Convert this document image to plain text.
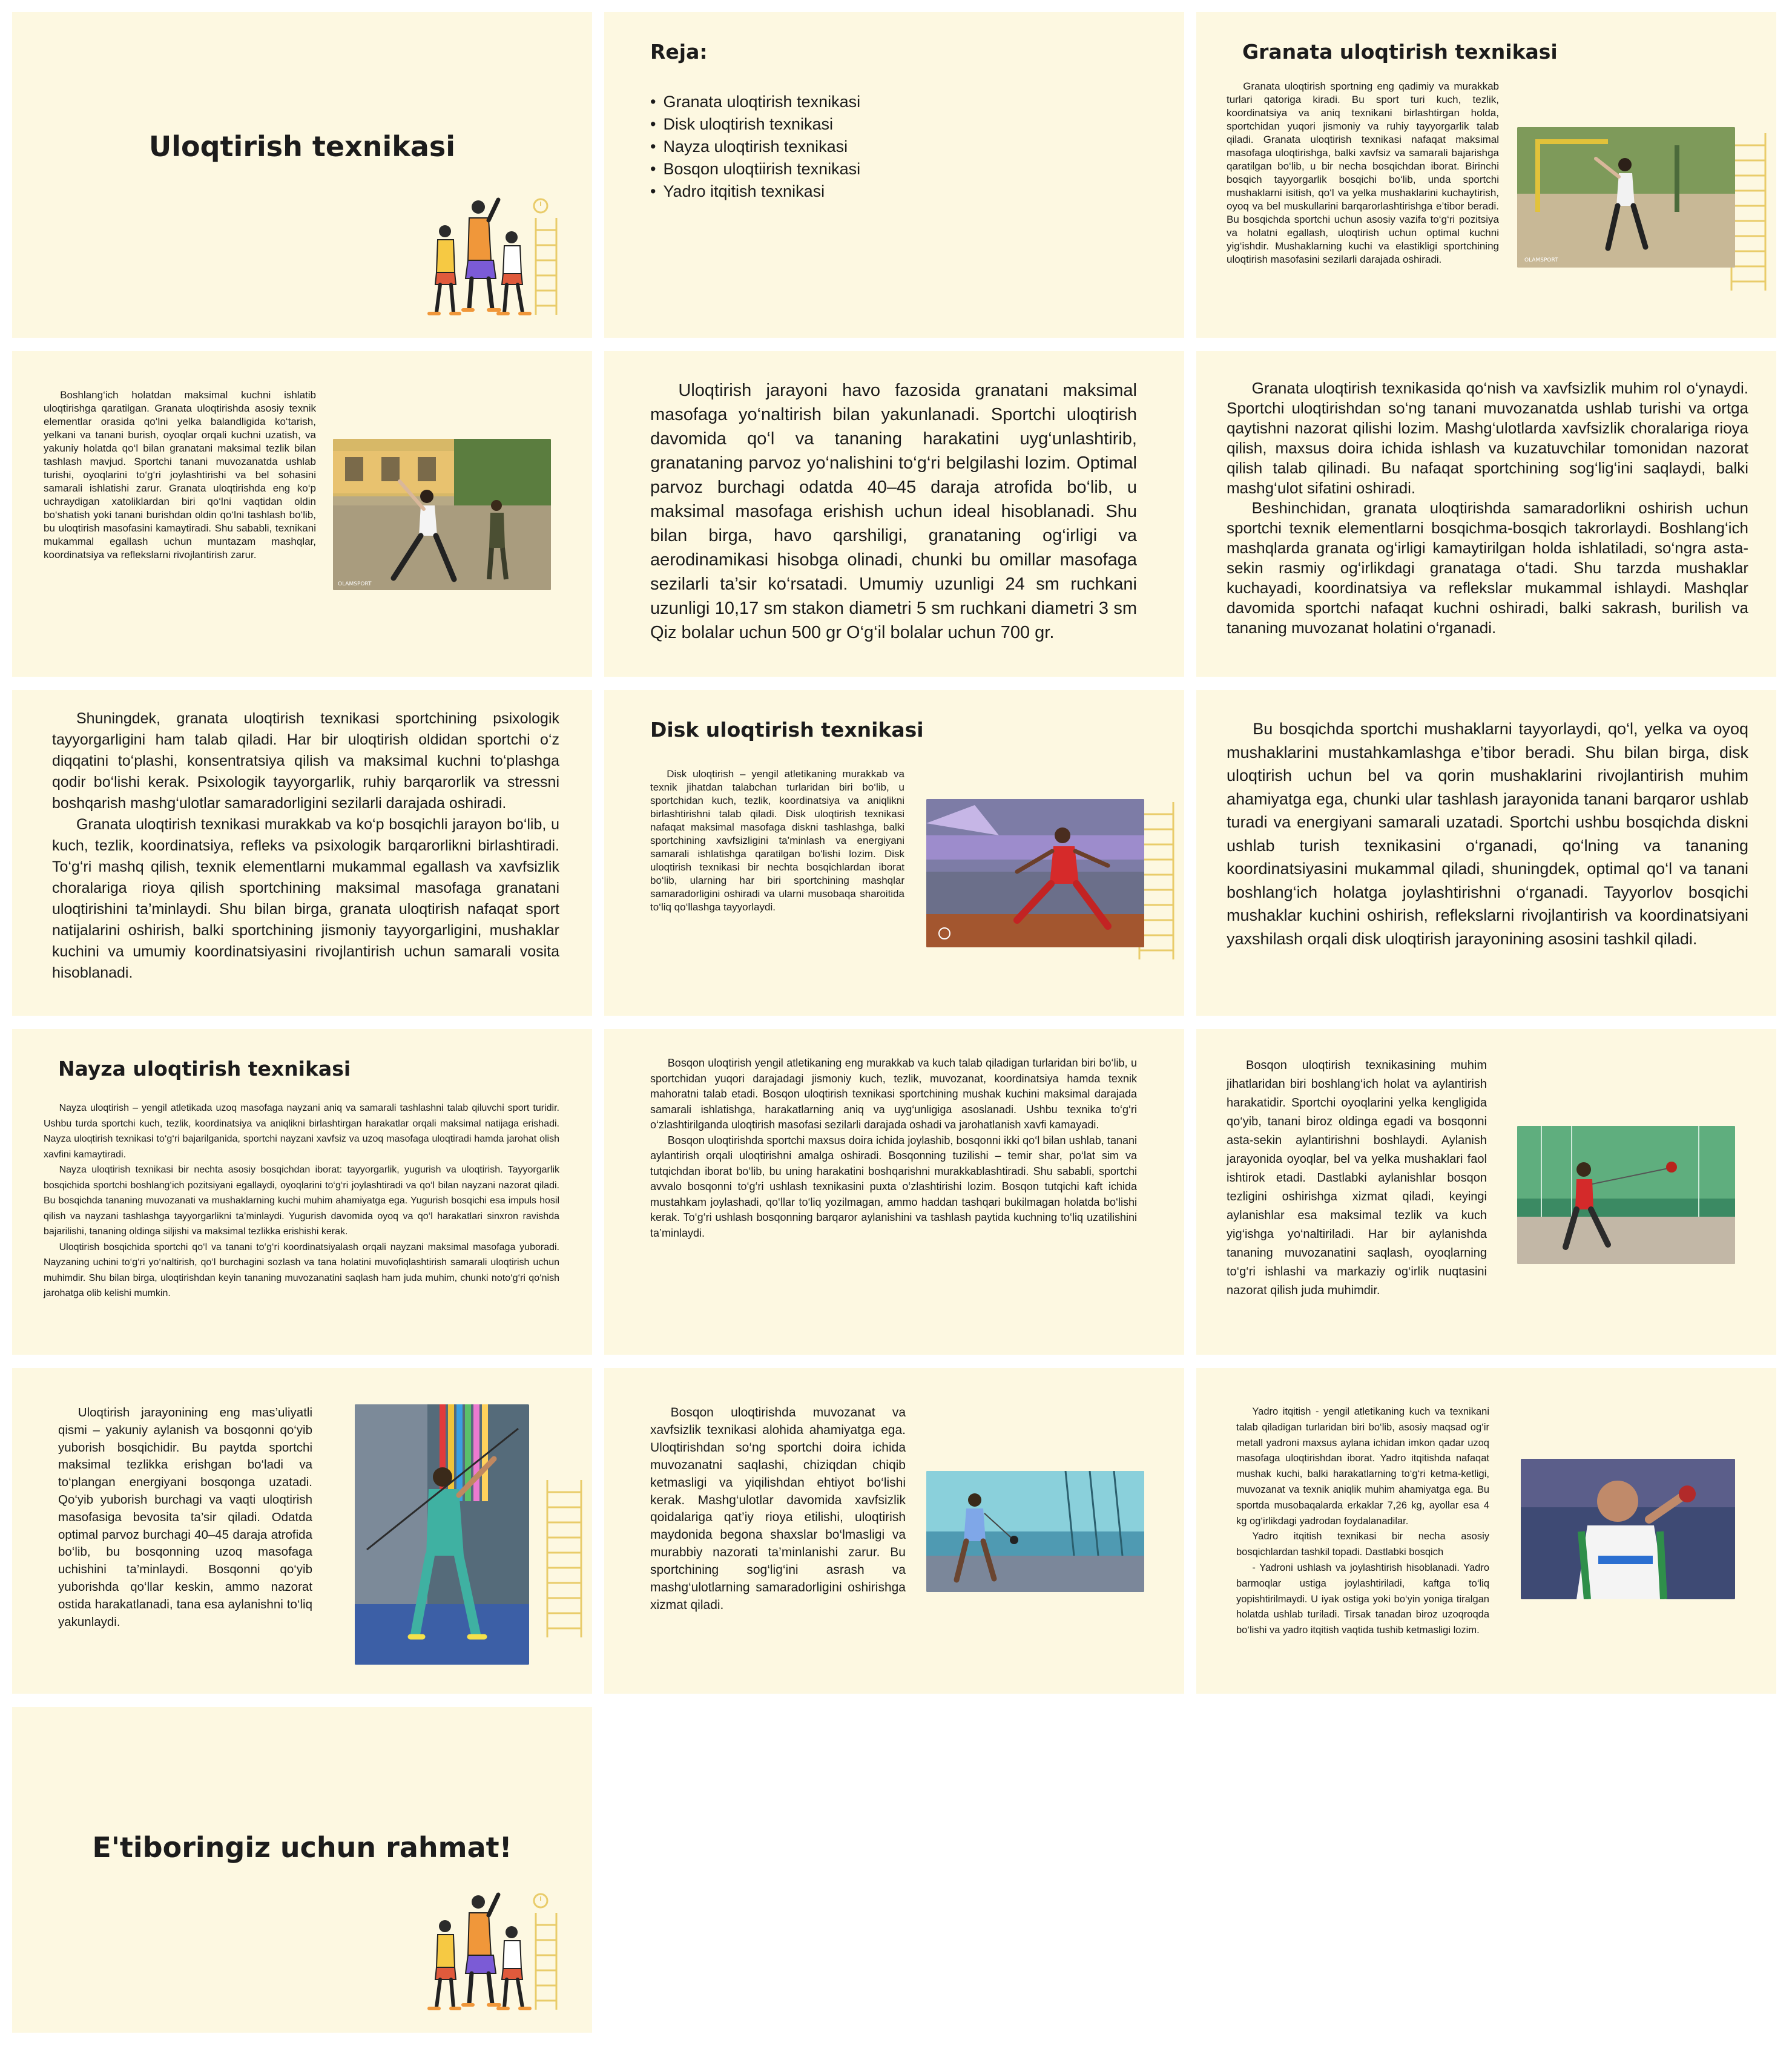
Uloqtirish texnikasi
Reja:
• Granata uloqtirish texnikasi
• Disk uloqtirish texnikasi
• Nayza uloqtirish texnikasi
• Bosqon uloqtiirish texnikasi
• Yadro itqitish texnikasi
Granata uloqtirish texnikasi

Granata uloqtirish sportning eng qadimiy va murakkab turlari qatoriga kiradi. Bu sport turi kuch, tezlik, koordinatsiya va aniq texnikani birlashtirgan holda, sportchidan yuqori jismoniy va ruhiy tayyorgarlik talab qiladi. Granata uloqtirish texnikasi nafaqat maksimal masofaga uloqtirishga, balki xavfsiz va samarali bajarishga qaratilgan bo‘lib, u bir necha bosqichdan iborat. Birinchi bosqich tayyorgarlik bosqichi bo‘lib, unda sportchi mushaklarni isitish, qo‘l va yelka mushaklarini kuchaytirish, oyoq va bel muskullarini barqarorlashtirishga e’tibor beradi. Bu bosqichda sportchi uchun asosiy vazifa to‘g‘ri pozitsiya va holatni egallash, uloqtirish uchun optimal kuchni yig‘ishdir. Mushaklarning kuchi va elastikligi sportchining uloqtirish masofasini sezilarli darajada oshiradi.	OLAMSPORT

Boshlang‘ich holatdan maksimal kuchni ishlatib uloqtirishga qaratilgan. Granata uloqtirishda asosiy texnik elementlar orasida qo‘lni yelka balandligida ko‘tarish, yelkani va tanani burish, oyoqlar orqali kuchni uzatish, va yakuniy holatda qo‘l bilan granatani maksimal tezlik bilan tashlash mavjud. Sportchi tanani muvozanatda ushlab turishi, oyoqlarini to‘g‘ri joylashtirishi va bel sohasini samarali ishlatishi zarur. Granata uloqtirishda eng ko‘p uchraydigan xatoliklardan biri qo‘lni vaqtidan oldin bo‘shatish yoki tanani burishdan oldin qo‘lni tashlash bo‘lib, bu uloqtirish masofasini kamaytiradi. Shu sababli, texnikani mukammal egallash uchun muntazam mashqlar, koordinatsiya va reflekslarni rivojlantirish zarur.

OLAMSPORT

Uloqtirish jarayoni havo fazosida granatani maksimal masofaga yo‘naltirish bilan yakunlanadi. Sportchi uloqtirish davomida qo‘l va tananing harakatini uyg‘unlashtirib, granataning parvoz yo‘nalishini to‘g‘ri belgilashi lozim. Optimal parvoz burchagi odatda 40–45 daraja atrofida bo‘lib, u maksimal masofaga erishish uchun ideal hisoblanadi. Shu bilan birga, havo qarshiligi, granataning og‘irligi va aerodinamikasi hisobga olinadi, chunki bu omillar masofaga sezilarli ta’sir ko‘rsatadi. Umumiy uzunligi 24 sm ruchkani uzunligi 10,17 sm stakon diametri 5 sm ruchkani diametri 3 sm Qiz bolalar uchun 500 gr O‘g‘il bolalar uchun 700 gr.

Granata uloqtirish texnikasida qo‘nish va xavfsizlik muhim rol o‘ynaydi. Sportchi uloqtirishdan so‘ng tanani muvozanatda ushlab turishi va ortga qaytishni nazorat qilishi lozim. Mashg‘ulotlarda xavfsizlik choralariga rioya qilish, maxsus doira ichida ishlash va kuzatuvchilar tomonidan nazorat qilish talab qilinadi. Bu nafaqat sportchining sog‘lig‘ini saqlaydi, balki mashg‘ulot sifatini oshiradi.

Beshinchidan, granata uloqtirishda samaradorlikni oshirish uchun sportchi texnik elementlarni bosqichma-bosqich takrorlaydi. Boshlang‘ich mashqlarda granata og‘irligi kamaytirilgan holda ishlatiladi, so‘ngra asta-sekin rasmiy og‘irlikdagi granataga o‘tadi. Shu tarzda mushaklar kuchayadi, koordinatsiya va reflekslar mukammal ishlaydi. Mashqlar davomida sportchi nafaqat kuchni oshiradi, balki sakrash, burilish va tananing muvozanat holatini o‘rganadi.

Shuningdek, granata uloqtirish texnikasi sportchining psixologik tayyorgarligini ham talab qiladi. Har bir uloqtirish oldidan sportchi o‘z diqqatini to‘plashi, konsentratsiya qilish va maksimal kuchni to‘plashga qodir bo‘lishi kerak. Psixologik tayyorgarlik, ruhiy barqarorlik va stressni boshqarish mashg‘ulotlar samaradorligini sezilarli darajada oshiradi.

Granata uloqtirish texnikasi murakkab va ko‘p bosqichli jarayon bo‘lib, u kuch, tezlik, koordinatsiya, refleks va psixologik barqarorlikni birlashtiradi. To‘g‘ri mashq qilish, texnik elementlarni mukammal egallash va xavfsizlik choralariga rioya qilish sportchining maksimal masofaga granatani uloqtirishini ta’minlaydi. Shu bilan birga, granata uloqtirish nafaqat sport natijalarini oshirish, balki sportchining jismoniy tayyorgarligini, mushaklar kuchini va umumiy koordinatsiyasini rivojlantirish uchun samarali vosita hisoblanadi.

Disk uloqtirish texnikasi

Disk uloqtirish – yengil atletikaning murakkab va texnik jihatdan talabchan turlaridan biri bo‘lib, u sportchidan kuch, tezlik, koordinatsiya va aniqlikni birlashtirishni talab qiladi. Disk uloqtirish texnikasi nafaqat maksimal masofaga diskni tashlashga, balki sportchining xavfsizligini ta’minlash va energiyani samarali ishlatishga qaratilgan bo‘lishi lozim. Disk uloqtirish texnikasi bir nechta bosqichlardan iborat bo‘lib, ularning har biri sportchining mashqlar samaradorligini oshiradi va ularni musobaqa sharoitida to‘liq qo‘llashga tayyorlaydi.

Bu bosqichda sportchi mushaklarni tayyorlaydi, qo‘l, yelka va oyoq mushaklarini mustahkamlashga e’tibor beradi. Shu bilan birga, disk uloqtirish uchun bel va qorin mushaklarini rivojlantirish muhim ahamiyatga ega, chunki ular tashlash jarayonida tanani barqaror ushlab turadi va energiyani samarali uzatadi. Sportchi ushbu bosqichda diskni ushlab turish texnikasini o‘rganadi, qo‘lning va tananing koordinatsiyasini mukammal qiladi, shuningdek, optimal qo‘l va tanani boshlang‘ich holatga joylashtirishni o‘rganadi. Tayyorlov bosqichi mushaklar kuchini oshirish, reflekslarni rivojlantirish va koordinatsiyani yaxshilash orqali disk uloqtirish jarayonining asosini tashkil qiladi.

Nayza uloqtirish texnikasi

Nayza uloqtirish – yengil atletikada uzoq masofaga nayzani aniq va samarali tashlashni talab qiluvchi sport turidir. Ushbu turda sportchi kuch, tezlik, koordinatsiya va aniqlikni birlashtirgan harakatlar orqali maksimal natijaga erishadi. Nayza uloqtirish texnikasi to‘g‘ri bajarilganida, sportchi nayzani xavfsiz va uzoq masofaga uloqtiradi hamda jarohat olish xavfini kamaytiradi.

Nayza uloqtirish texnikasi bir nechta asosiy bosqichdan iborat: tayyorgarlik, yugurish va uloqtirish. Tayyorgarlik bosqichida sportchi boshlang‘ich pozitsiyani egallaydi, oyoqlarini to‘g‘ri joylashtiradi va qo‘l bilan nayzani nazorat qiladi. Bu bosqichda tananing muvozanati va mushaklarning kuchi muhim ahamiyatga ega. Yugurish bosqichi esa impuls hosil qilish va nayzani tashlashga tayyorgarlikni ta’minlaydi. Yugurish davomida oyoq va qo‘l harakatlari sinxron ravishda bajarilishi, tananing oldinga siljishi va maksimal tezlikka erishishi kerak.

Uloqtirish bosqichida sportchi qo‘l va tanani to‘g‘ri koordinatsiyalash orqali nayzani maksimal masofaga yuboradi. Nayzaning uchini to‘g‘ri yo‘naltirish, qo‘l burchagini sozlash va tana holatini muvofiqlashtirish samarali uloqtirish uchun muhimdir. Shu bilan birga, uloqtirishdan keyin tananing muvozanatini saqlash ham juda muhim, chunki noto‘g‘ri qo‘nish jarohatga olib kelishi mumkin.

Bosqon uloqtirish yengil atletikaning eng murakkab va kuch talab qiladigan turlaridan biri bo‘lib, u sportchidan yuqori darajadagi jismoniy kuch, tezlik, muvozanat, koordinatsiya hamda texnik mahoratni talab etadi. Bosqon uloqtirish texnikasi sportchining mushak kuchini maksimal darajada samarali ishlatishga, harakatlarning aniq va uyg‘unligiga asoslanadi. Ushbu texnika to‘g‘ri o‘zlashtirilganda uloqtirish masofasi sezilarli darajada oshadi va jarohatlanish xavfi kamayadi.

Bosqon uloqtirishda sportchi maxsus doira ichida joylashib, bosqonni ikki qo‘l bilan ushlab, tanani aylantirish orqali uloqtirishni amalga oshiradi. Bosqonning tuzilishi – temir shar, po‘lat sim va tutqichdan iborat bo‘lib, bu uning harakatini boshqarishni murakkablashtiradi. Shu sababli, sportchi avvalo bosqonni to‘g‘ri ushlash texnikasini puxta o‘zlashtirishi lozim. Bosqon tutqichi kaft ichida mustahkam joylashadi, qo‘llar to‘liq yozilmagan, ammo haddan tashqari bukilmagan holatda bo‘lishi kerak. To‘g‘ri ushlash bosqonning barqaror aylanishini va tashlash paytida kuchning to‘liq uzatilishini ta’minlaydi.

Bosqon uloqtirish texnikasining muhim jihatlaridan biri boshlang‘ich holat va aylantirish harakatidir. Sportchi oyoqlarini yelka kengligida qo‘yib, tanani biroz oldinga egadi va bosqonni asta-sekin aylantirishni boshlaydi. Aylanish jarayonida oyoqlar, bel va yelka mushaklari faol ishtirok etadi. Dastlabki aylanishlar bosqon tezligini oshirishga xizmat qiladi, keyingi aylanishlar esa maksimal tezlik va kuch yig‘ishga yo‘naltiriladi. Har bir aylanishda tananing muvozanatini saqlash, oyoqlarning to‘g‘ri ishlashi va markaziy og‘irlik nuqtasini nazorat qilish juda muhimdir.

Uloqtirish jarayonining eng mas’uliyatli qismi – yakuniy aylanish va bosqonni qo‘yib yuborish bosqichidir. Bu paytda sportchi maksimal tezlikka erishgan bo‘ladi va to‘plangan energiyani bosqonga uzatadi. Qo‘yib yuborish burchagi va vaqti uloqtirish masofasiga bevosita ta’sir qiladi. Odatda optimal parvoz burchagi 40–45 daraja atrofida bo‘lib, bu bosqonning uzoq masofaga uchishini ta’minlaydi. Bosqonni qo‘yib yuborishda qo‘llar keskin, ammo nazorat ostida harakatlanadi, tana esa aylanishni to‘liq yakunlaydi.

Bosqon uloqtirishda muvozanat va xavfsizlik texnikasi alohida ahamiyatga ega. Uloqtirishdan so‘ng sportchi doira ichida muvozanatni saqlashi, chiziqdan chiqib ketmasligi va yiqilishdan ehtiyot bo‘lishi kerak. Mashg‘ulotlar davomida xavfsizlik qoidalariga qat’iy rioya etilishi, uloqtirish maydonida begona shaxslar bo‘lmasligi va murabbiy nazorati ta’minlanishi zarur. Bu sportchining sog‘lig‘ini asrash va mashg‘ulotlarning samaradorligini oshirishga xizmat qiladi.

Yadro itqitish - yengil atletikaning kuch va texnikani talab qiladigan turlaridan biri bo‘lib, asosiy maqsad og‘ir metall yadroni maxsus aylana ichidan imkon qadar uzoq masofaga uloqtirishdan iborat. Yadro itqitishda nafaqat mushak kuchi, balki harakatlarning to‘g‘ri ketma-ketligi, muvozanat va texnik aniqlik muhim ahamiyatga ega. Bu sportda musobaqalarda erkaklar 7,26 kg, ayollar esa 4 kg og‘irlikdagi yadrodan foydalanadilar.

Yadro itqitish texnikasi bir necha asosiy bosqichlardan tashkil topadi. Dastlabki bosqich

- Yadroni ushlash va joylashtirish hisoblanadi. Yadro barmoqlar ustiga joylashtiriladi, kaftga to‘liq yopishtirilmaydi. U iyak ostiga yoki bo‘yin yoniga tiralgan holatda ushlab turiladi. Tirsak tanadan biroz uzoqroqda bo‘lishi va yadro itqitish vaqtida tushib ketmasligi lozim.

E'tiboringiz uchun rahmat!
